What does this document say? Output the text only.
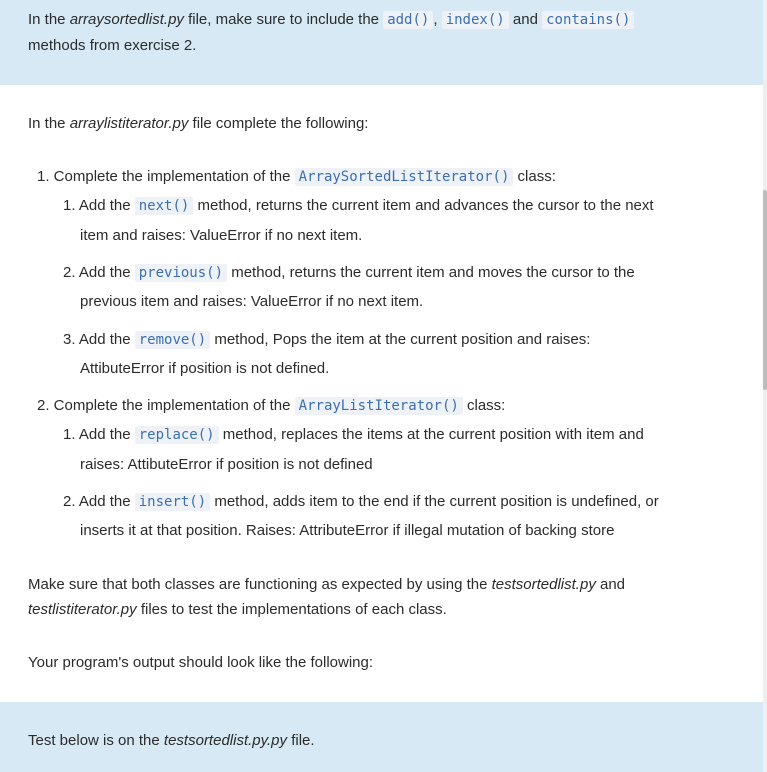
In the arraysortedlist.py file, make sure to include the add() , index() and contains()
methods from exercise 2.
In the arraylistiterator.py file complete the following:
1. Complete the implementation of the ArraySortedListIterator() class:
1. Add the next() method, returns the current item and advances the cursor to the next
item and raises: ValueError if no next item.
2. Add the previous() method, returns the current item and moves the cursor to the
previous item and raises: ValueError if no next item.
3. Add the remove() method, Pops the item at the current position and raises:
AttibuteError if position is not defined.
2. Complete the implementation of the ArrayListIterator() class:
1. Add the replace() method, replaces the items at the current position with item and
raises: AttibuteError if position is not defined
2. Add the insert() method, adds item to the end if the current position is undefined, or
inserts it at that position. Raises: AttributeError if illegal mutation of backing store
Make sure that both classes are functioning as expected by using the testsortedlist.py and
testlistiterator.py files to test the implementations of each class.
Your program's output should look like the following:
Test below is on the testsortedlist.py.py file.
